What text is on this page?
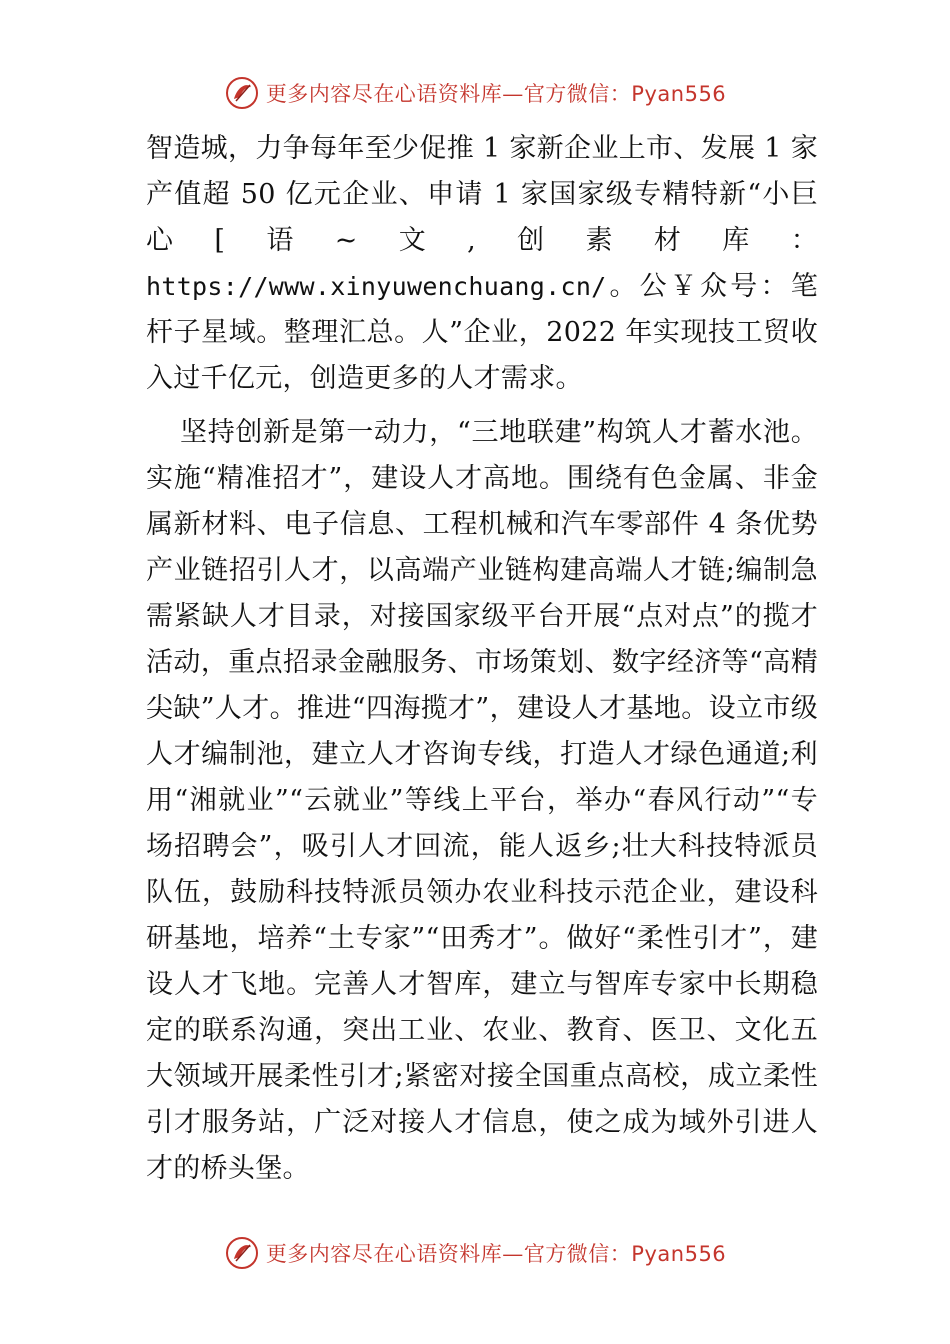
更多内容尽在心语资料库— 官方微信：Pyan556

智造城，力争每年至少促推 1 家新企业上市、发展 1 家产值超 50 亿元企业、申请 1 家国家级专精特新“小巨心[语~文,创素材库：https://www.xinyuwenchuang.cn/。公￥众号：笔杆子星域。整理汇总。人”企业，2022 年实现技工贸收入过千亿元，创造更多的人才需求。

坚持创新是第一动力，“三地联建”构筑人才蓄水池。实施“精准招才”，建设人才高地。围绕有色金属、非金属新材料、电子信息、工程机械和汽车零部件 4 条优势产业链招引人才，以高端产业链构建高端人才链;编制急需紧缺人才目录，对接国家级平台开展“点对点”的揽才活动，重点招录金融服务、市场策划、数字经济等“高精尖缺”人才。推进“四海揽才”，建设人才基地。设立市级人才编制池，建立人才咨询专线，打造人才绿色通道;利用“湘就业”“云就业”等线上平台，举办“春风行动”“专场招聘会”，吸引人才回流，能人返乡;壮大科技特派员队伍，鼓励科技特派员领办农业科技示范企业，建设科研基地，培养“土专家”“田秀才”。做好“柔性引才”，建设人才飞地。完善人才智库，建立与智库专家中长期稳定的联系沟通，突出工业、农业、教育、医卫、文化五大领域开展柔性引才;紧密对接全国重点高校，成立柔性引才服务站，广泛对接人才信息，使之成为域外引进人才的桥头堡。

更多内容尽在心语资料库— 官方微信：Pyan556
